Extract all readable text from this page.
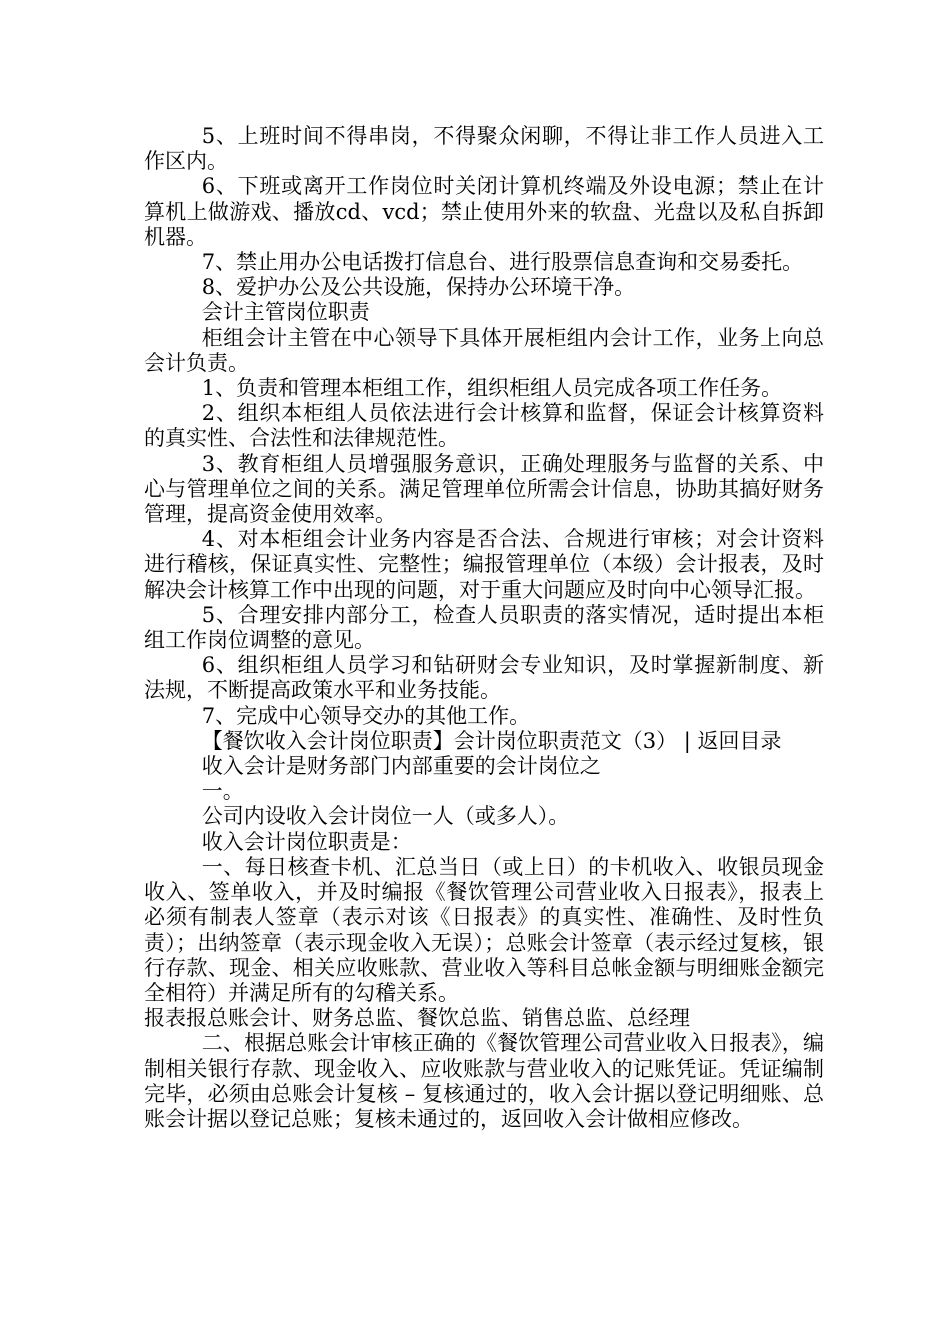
5、上班时间不得串岗，不得聚众闲聊，不得让非工作人员进入工作区内。

6、下班或离开工作岗位时关闭计算机终端及外设电源；禁止在计算机上做游戏、播放cd、vcd；禁止使用外来的软盘、光盘以及私自拆卸机器。

7、禁止用办公电话拨打信息台、进行股票信息查询和交易委托。

8、爱护办公及公共设施，保持办公环境干净。

会计主管岗位职责

柜组会计主管在中心领导下具体开展柜组内会计工作，业务上向总会计负责。

1、负责和管理本柜组工作，组织柜组人员完成各项工作任务。

2、组织本柜组人员依法进行会计核算和监督，保证会计核算资料的真实性、合法性和法律规范性。

3、教育柜组人员增强服务意识，正确处理服务与监督的关系、中心与管理单位之间的关系。满足管理单位所需会计信息，协助其搞好财务管理，提高资金使用效率。

4、对本柜组会计业务内容是否合法、合规进行审核；对会计资料进行稽核，保证真实性、完整性；编报管理单位（本级）会计报表，及时解决会计核算工作中出现的问题，对于重大问题应及时向中心领导汇报。

5、合理安排内部分工，检查人员职责的落实情况，适时提出本柜组工作岗位调整的意见。

6、组织柜组人员学习和钻研财会专业知识，及时掌握新制度、新法规，不断提高政策水平和业务技能。

7、完成中心领导交办的其他工作。

【餐饮收入会计岗位职责】会计岗位职责范文（3） | 返回目录

收入会计是财务部门内部重要的会计岗位之

一。

公司内设收入会计岗位一人（或多人）。

收入会计岗位职责是：

一、每日核查卡机、汇总当日（或上日）的卡机收入、收银员现金收入、签单收入，并及时编报《餐饮管理公司营业收入日报表》，报表上必须有制表人签章（表示对该《日报表》的真实性、准确性、及时性负责）；出纳签章（表示现金收入无误）；总账会计签章（表示经过复核，银行存款、现金、相关应收账款、营业收入等科目总帐金额与明细账金额完全相符）并满足所有的勾稽关系。

报表报总账会计、财务总监、餐饮总监、销售总监、总经理

二、根据总账会计审核正确的《餐饮管理公司营业收入日报表》，编制相关银行存款、现金收入、应收账款与营业收入的记账凭证。凭证编制完毕，必须由总账会计复核 – 复核通过的，收入会计据以登记明细账、总账会计据以登记总账；复核未通过的，返回收入会计做相应修改。
